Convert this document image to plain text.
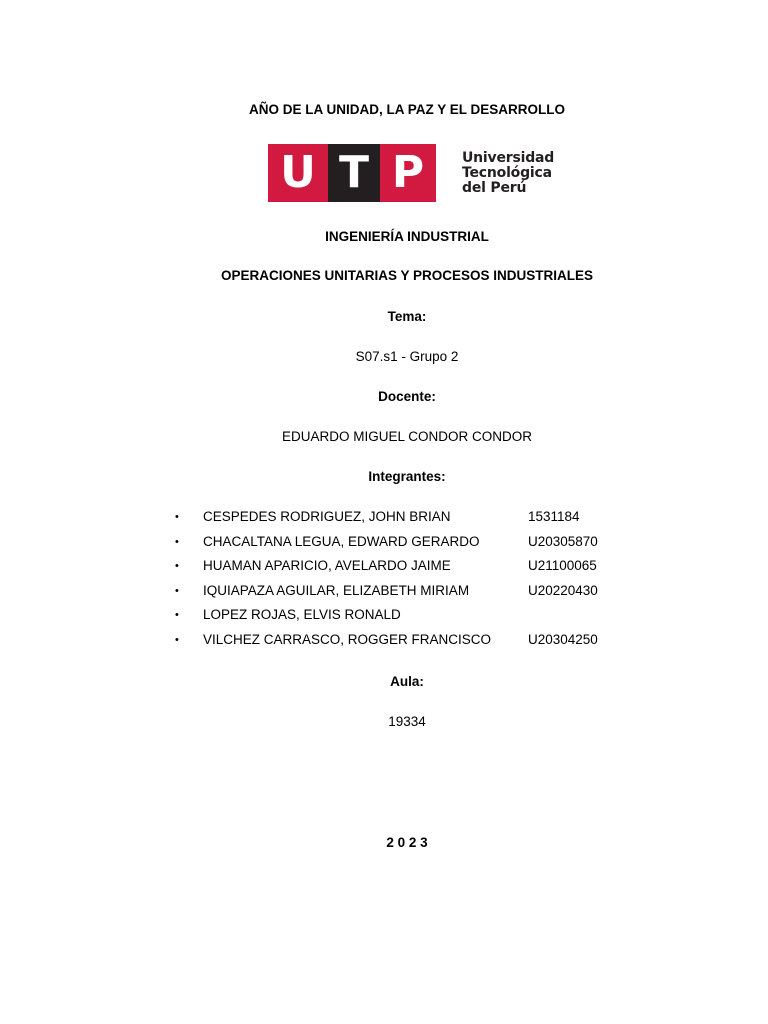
AÑO DE LA UNIDAD, LA PAZ Y EL DESARROLLO
U T P	Universidad
Tecnológica
del Perú
INGENIERÍA INDUSTRIAL
OPERACIONES UNITARIAS Y PROCESOS INDUSTRIALES
Tema:
S07.s1 - Grupo 2
Docente:
EDUARDO MIGUEL CONDOR CONDOR
Integrantes:
•	CESPEDES RODRIGUEZ, JOHN BRIAN	1531184
•	CHACALTANA LEGUA, EDWARD GERARDO	U20305870
•	HUAMAN APARICIO, AVELARDO JAIME	U21100065
•	IQUIAPAZA AGUILAR, ELIZABETH MIRIAM	U20220430
•	LOPEZ ROJAS, ELVIS RONALD
•	VILCHEZ CARRASCO, ROGGER FRANCISCO	U20304250
Aula:
19334
2 0 2 3
